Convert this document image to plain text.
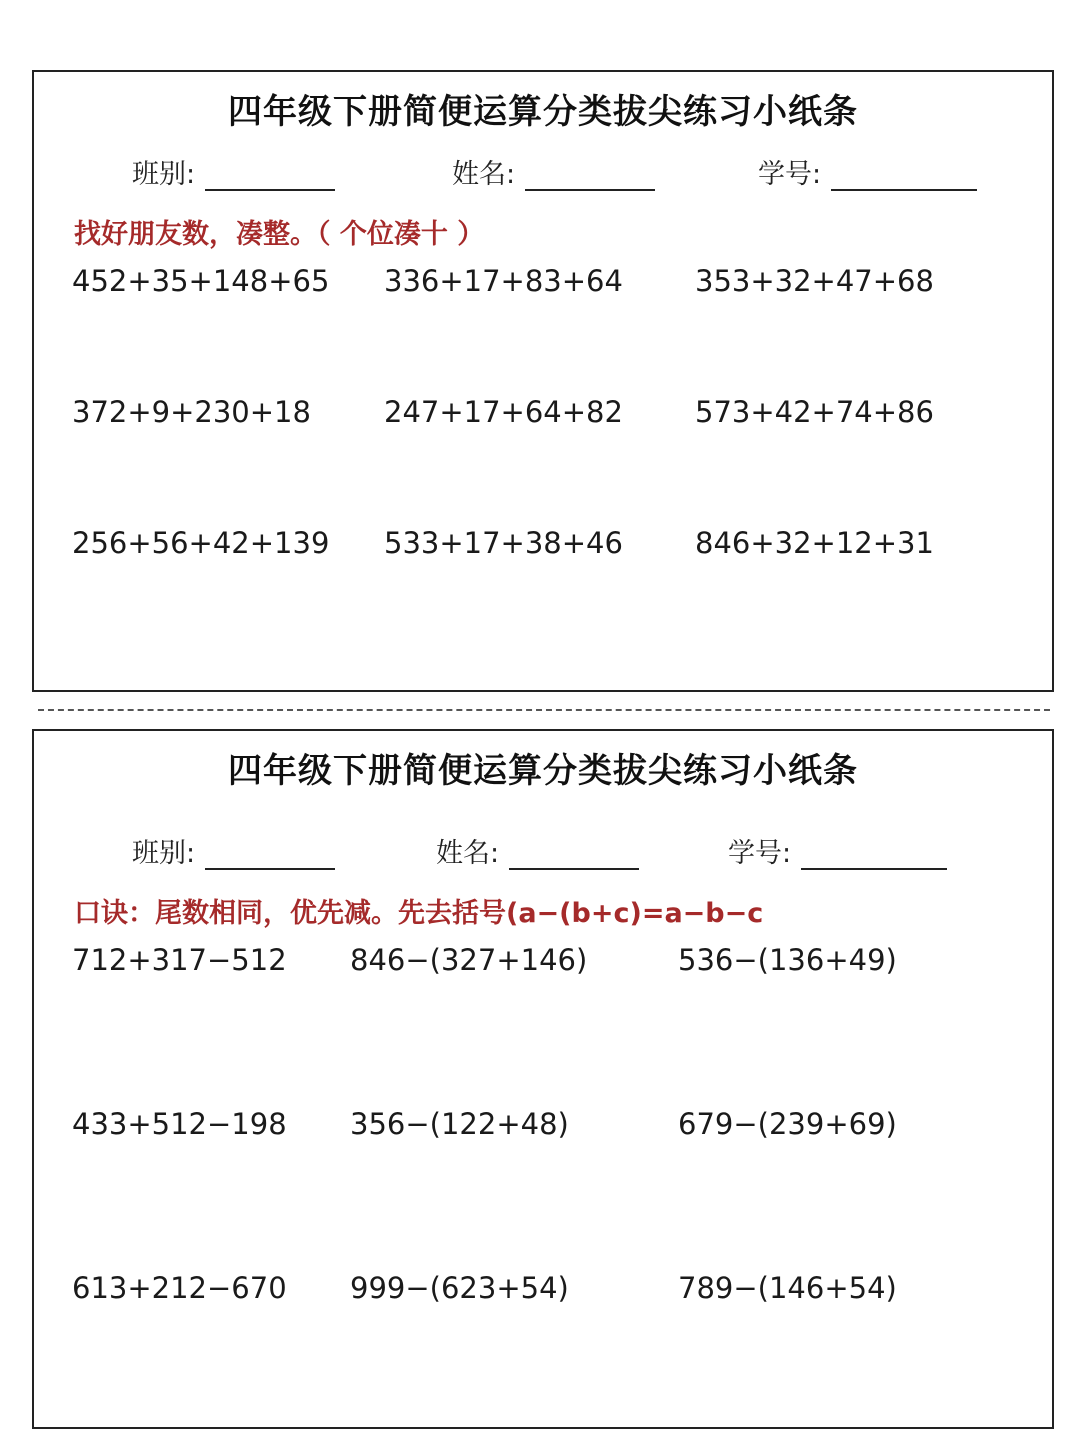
四年级下册简便运算分类拔尖练习小纸条
班别:	姓名:	学号:
找好朋友数，凑整。（ 个位凑十 ）
452+35+148+65 336+17+83+64 353+32+47+68
372+9+230+18	247+17+64+82 573+42+74+86
256+56+42+139 533+17+38+46 846+32+12+31
四年级下册简便运算分类拔尖练习小纸条
班别:	姓名:	学号:
口诀：尾数相同，优先减。先去括号(a−(b+c)=a−b−c
712+317−512 846−(327+146)	536−(136+49)
433+512−198 356−(122+48)	679−(239+69)
613+212−670 999−(623+54)	789−(146+54)
